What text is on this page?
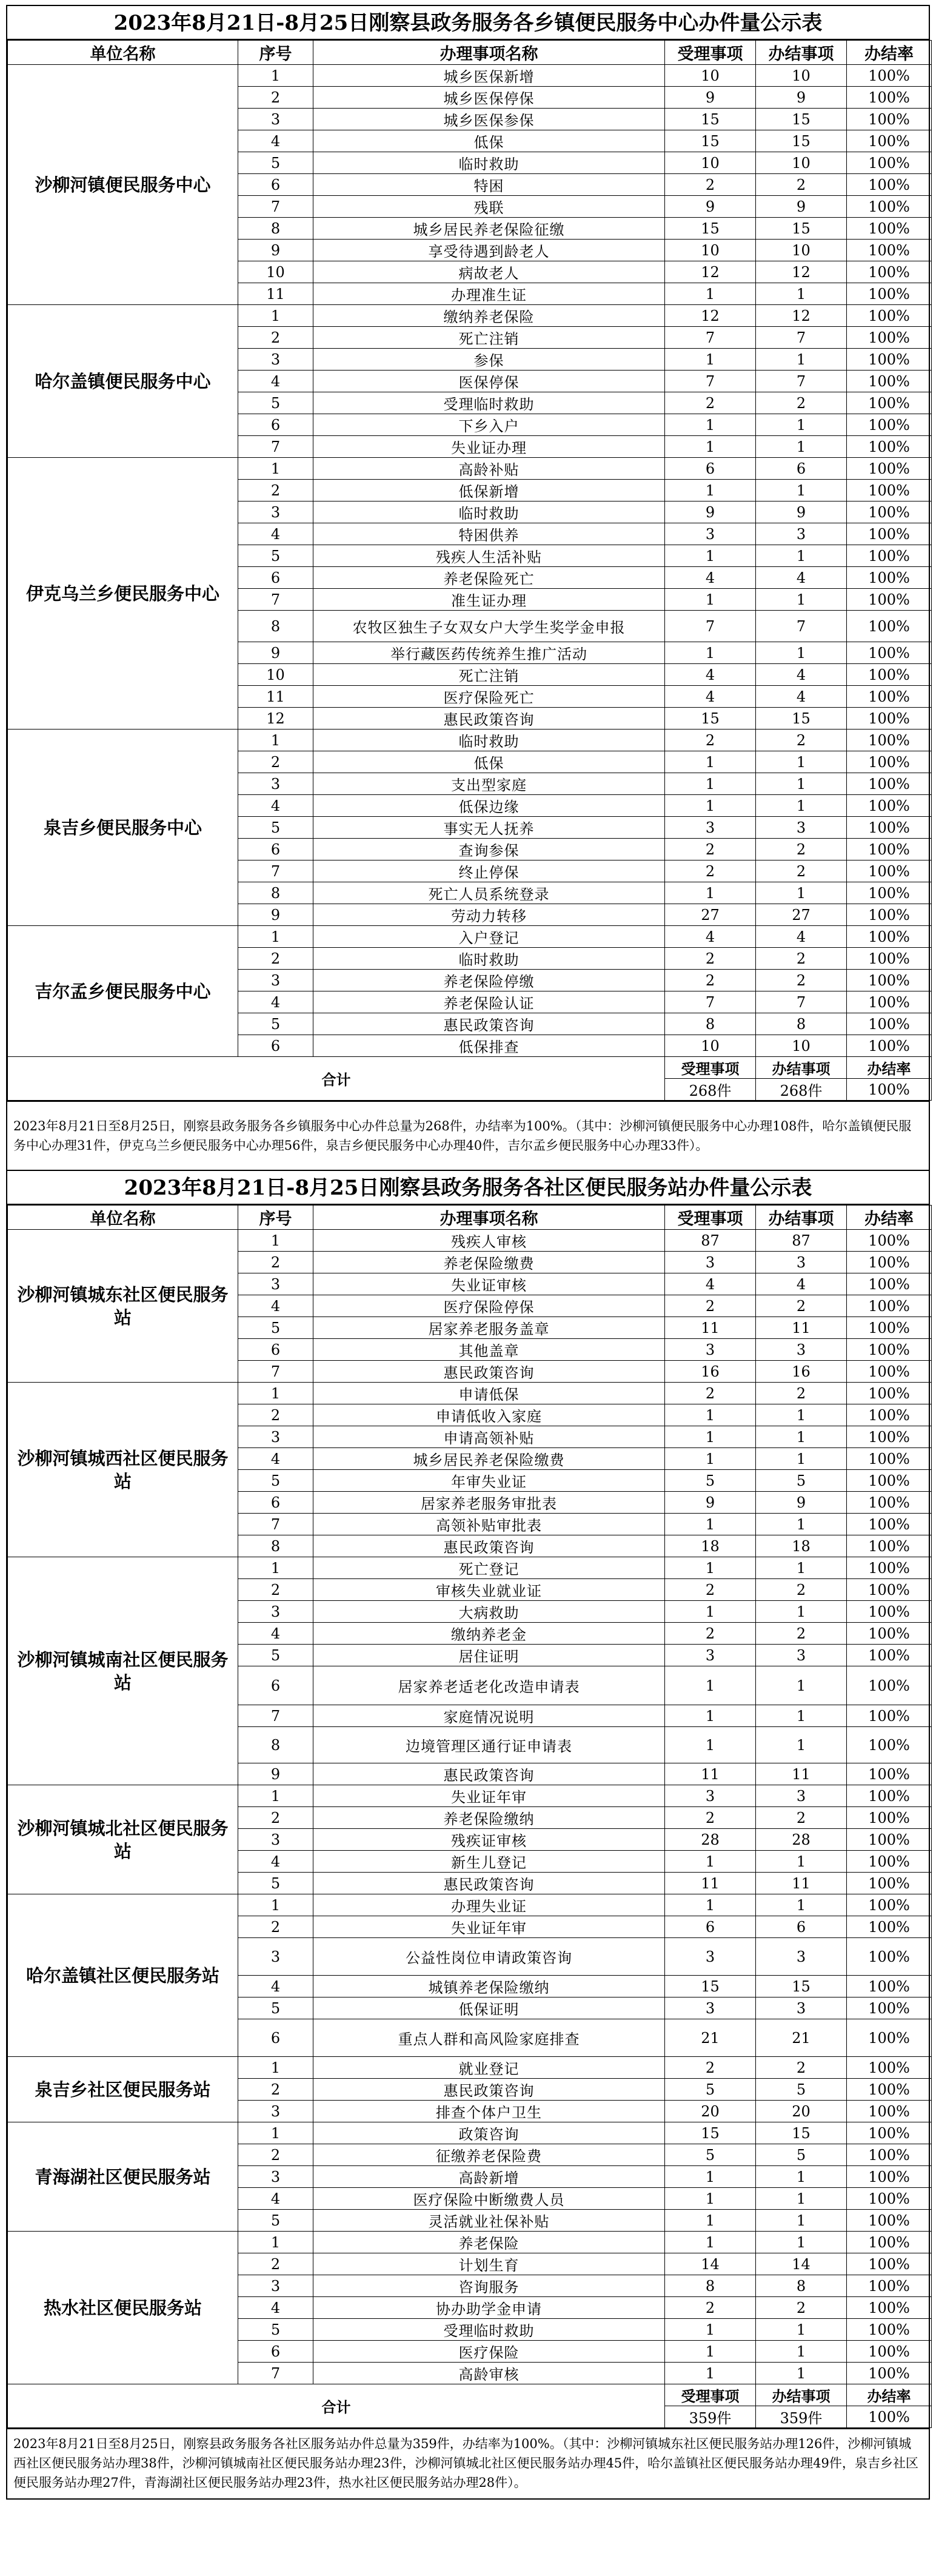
2023年8月21日-8月25日刚察县政务服务各乡镇便民服务中心办件量公示表
单位名称	序号	办理事项名称	受理事项	办结事项	办结率
沙柳河镇便民服务中心	1	城乡医保新增	10	10	100%
	2	城乡医保停保	9	9	100%
	3	城乡医保参保	15	15	100%
	4	低保	15	15	100%
	5	临时救助	10	10	100%
	6	特困	2	2	100%
	7	残联	9	9	100%
	8	城乡居民养老保险征缴	15	15	100%
	9	享受待遇到龄老人	10	10	100%
	10	病故老人	12	12	100%
	11	办理准生证	1	1	100%
哈尔盖镇便民服务中心	1	缴纳养老保险	12	12	100%
	2	死亡注销	7	7	100%
	3	参保	1	1	100%
	4	医保停保	7	7	100%
	5	受理临时救助	2	2	100%
	6	下乡入户	1	1	100%
	7	失业证办理	1	1	100%
伊克乌兰乡便民服务中心	1	高龄补贴	6	6	100%
	2	低保新增	1	1	100%
	3	临时救助	9	9	100%
	4	特困供养	3	3	100%
	5	残疾人生活补贴	1	1	100%
	6	养老保险死亡	4	4	100%
	7	准生证办理	1	1	100%
	8	农牧区独生子女双女户大学生奖学金申报	7	7	100%
	9	举行藏医药传统养生推广活动	1	1	100%
	10	死亡注销	4	4	100%
	11	医疗保险死亡	4	4	100%
	12	惠民政策咨询	15	15	100%
泉吉乡便民服务中心	1	临时救助	2	2	100%
	2	低保	1	1	100%
	3	支出型家庭	1	1	100%
	4	低保边缘	1	1	100%
	5	事实无人抚养	3	3	100%
	6	查询参保	2	2	100%
	7	终止停保	2	2	100%
	8	死亡人员系统登录	1	1	100%
	9	劳动力转移	27	27	100%
吉尔孟乡便民服务中心	1	入户登记	4	4	100%
	2	临时救助	2	2	100%
	3	养老保险停缴	2	2	100%
	4	养老保险认证	7	7	100%
	5	惠民政策咨询	8	8	100%
	6	低保排查	10	10	100%
合计			受理事项	办结事项	办结率
			268件	268件	100%
2023年8月21日至8月25日，刚察县政务服务各乡镇服务中心办件总量为268件，办结率为100%。（其中：沙柳河镇便民服务中心办理108件，哈尔盖镇便民服务中心办理31件，伊克乌兰乡便民服务中心办理56件，泉吉乡便民服务中心办理40件，吉尔孟乡便民服务中心办理33件）。
2023年8月21日-8月25日刚察县政务服务各社区便民服务站办件量公示表
单位名称	序号	办理事项名称	受理事项	办结事项	办结率
沙柳河镇城东社区便民服务站	1	残疾人审核	87	87	100%
	2	养老保险缴费	3	3	100%
	3	失业证审核	4	4	100%
	4	医疗保险停保	2	2	100%
	5	居家养老服务盖章	11	11	100%
	6	其他盖章	3	3	100%
	7	惠民政策咨询	16	16	100%
沙柳河镇城西社区便民服务站	1	申请低保	2	2	100%
	2	申请低收入家庭	1	1	100%
	3	申请高领补贴	1	1	100%
	4	城乡居民养老保险缴费	1	1	100%
	5	年审失业证	5	5	100%
	6	居家养老服务审批表	9	9	100%
	7	高领补贴审批表	1	1	100%
	8	惠民政策咨询	18	18	100%
沙柳河镇城南社区便民服务站	1	死亡登记	1	1	100%
	2	审核失业就业证	2	2	100%
	3	大病救助	1	1	100%
	4	缴纳养老金	2	2	100%
	5	居住证明	3	3	100%
	6	居家养老适老化改造申请表	1	1	100%
	7	家庭情况说明	1	1	100%
	8	边境管理区通行证申请表	1	1	100%
	9	惠民政策咨询	11	11	100%
沙柳河镇城北社区便民服务站	1	失业证年审	3	3	100%
	2	养老保险缴纳	2	2	100%
	3	残疾证审核	28	28	100%
	4	新生儿登记	1	1	100%
	5	惠民政策咨询	11	11	100%
哈尔盖镇社区便民服务站	1	办理失业证	1	1	100%
	2	失业证年审	6	6	100%
	3	公益性岗位申请政策咨询	3	3	100%
	4	城镇养老保险缴纳	15	15	100%
	5	低保证明	3	3	100%
	6	重点人群和高风险家庭排查	21	21	100%
泉吉乡社区便民服务站	1	就业登记	2	2	100%
	2	惠民政策咨询	5	5	100%
	3	排查个体户卫生	20	20	100%
青海湖社区便民服务站	1	政策咨询	15	15	100%
	2	征缴养老保险费	5	5	100%
	3	高龄新增	1	1	100%
	4	医疗保险中断缴费人员	1	1	100%
	5	灵活就业社保补贴	1	1	100%
热水社区便民服务站	1	养老保险	1	1	100%
	2	计划生育	14	14	100%
	3	咨询服务	8	8	100%
	4	协办助学金申请	2	2	100%
	5	受理临时救助	1	1	100%
	6	医疗保险	1	1	100%
	7	高龄审核	1	1	100%
合计			受理事项	办结事项	办结率
			359件	359件	100%
2023年8月21日至8月25日，刚察县政务服务各社区服务站办件总量为359件，办结率为100%。（其中：沙柳河镇城东社区便民服务站办理126件，沙柳河镇城西社区便民服务站办理38件，沙柳河镇城南社区便民服务站办理23件，沙柳河镇城北社区便民服务站办理45件，哈尔盖镇社区便民服务站办理49件，泉吉乡社区便民服务站办理27件，青海湖社区便民服务站办理23件，热水社区便民服务站办理28件）。
